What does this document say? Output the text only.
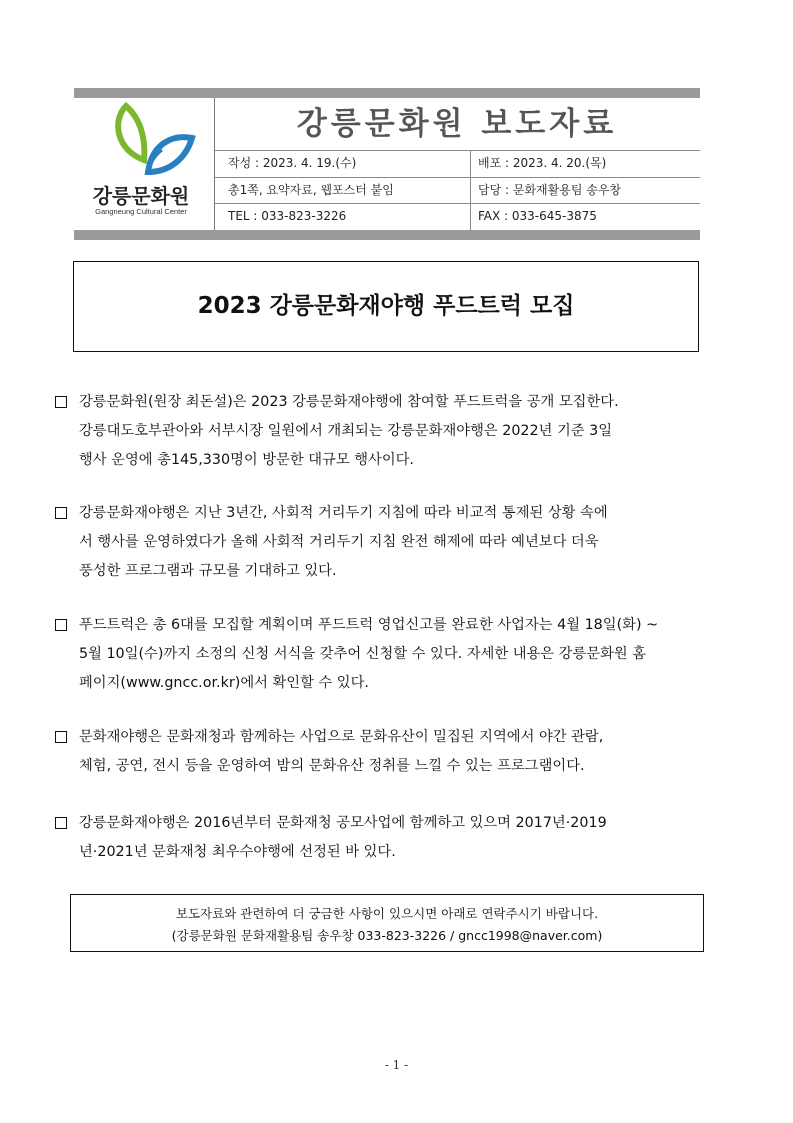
강릉문화원
Gangneung Cultural Center
강릉문화원 보도자료
작성 : 2023. 4. 19.(수)	배포 : 2023. 4. 20.(목)
총1쪽, 요약자료, 웹포스터 붙임	담당 : 문화재활용팀 송우창
TEL : 033-823-3226	FAX : 033-645-3875
2023 강릉문화재야행 푸드트럭 모집
강릉문화원(원장 최돈설)은 2023 강릉문화재야행에 참여할 푸드트럭을 공개 모집한다.
강릉대도호부관아와 서부시장 일원에서 개최되는 강릉문화재야행은 2022년 기준 3일
행사 운영에 총145,330명이 방문한 대규모 행사이다.
강릉문화재야행은 지난 3년간, 사회적 거리두기 지침에 따라 비교적 통제된 상황 속에
서 행사를 운영하였다가 올해 사회적 거리두기 지침 완전 해제에 따라 예년보다 더욱
풍성한 프로그램과 규모를 기대하고 있다.
푸드트럭은 총 6대를 모집할 계획이며 푸드트럭 영업신고를 완료한 사업자는 4월 18일(화) ~
5월 10일(수)까지 소정의 신청 서식을 갖추어 신청할 수 있다. 자세한 내용은 강릉문화원 홈
페이지(www.gncc.or.kr)에서 확인할 수 있다.
문화재야행은 문화재청과 함께하는 사업으로 문화유산이 밀집된 지역에서 야간 관람,
체험, 공연, 전시 등을 운영하여 밤의 문화유산 정취를 느낄 수 있는 프로그램이다.
강릉문화재야행은 2016년부터 문화재청 공모사업에 함께하고 있으며 2017년·2019
년·2021년 문화재청 최우수야행에 선정된 바 있다.
보도자료와 관련하여 더 궁금한 사항이 있으시면 아래로 연락주시기 바랍니다.
(강릉문화원 문화재활용팀 송우창 033-823-3226 / gncc1998@naver.com)
- 1 -
